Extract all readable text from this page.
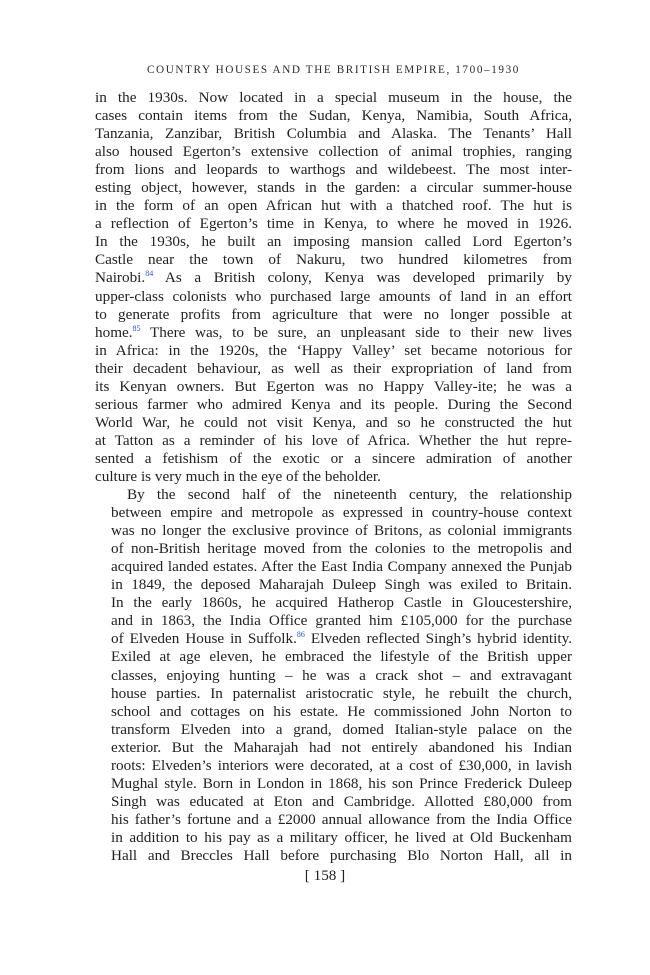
COUNTRY HOUSES AND THE BRITISH EMPIRE, 1700–1930
in the 1930s. Now located in a special museum in the house, the
cases contain items from the Sudan, Kenya, Namibia, South Africa,
Tanzania, Zanzibar, British Columbia and Alaska. The Tenants’ Hall
also housed Egerton’s extensive collection of animal trophies, ranging
from lions and leopards to warthogs and wildebeest. The most inter-
esting object, however, stands in the garden: a circular summer-house
in the form of an open African hut with a thatched roof. The hut is
a reflection of Egerton’s time in Kenya, to where he moved in 1926.
In the 1930s, he built an imposing mansion called Lord Egerton’s
Castle near the town of Nakuru, two hundred kilometres from
Nairobi.$^{84}$ As a British colony, Kenya was developed primarily by
upper-class colonists who purchased large amounts of land in an effort
to generate profits from agriculture that were no longer possible at
home.$^{85}$ There was, to be sure, an unpleasant side to their new lives
in Africa: in the 1920s, the ‘Happy Valley’ set became notorious for
their decadent behaviour, as well as their expropriation of land from
its Kenyan owners. But Egerton was no Happy Valley-ite; he was a
serious farmer who admired Kenya and its people. During the Second
World War, he could not visit Kenya, and so he constructed the hut
at Tatton as a reminder of his love of Africa. Whether the hut repre-
sented a fetishism of the exotic or a sincere admiration of another
culture is very much in the eye of the beholder.
By the second half of the nineteenth century, the relationship
between empire and metropole as expressed in country-house context
was no longer the exclusive province of Britons, as colonial immigrants
of non-British heritage moved from the colonies to the metropolis and
acquired landed estates. After the East India Company annexed the Punjab
in 1849, the deposed Maharajah Duleep Singh was exiled to Britain.
In the early 1860s, he acquired Hatherop Castle in Gloucestershire,
and in 1863, the India Office granted him £105,000 for the purchase
of Elveden House in Suffolk.$^{86}$ Elveden reflected Singh’s hybrid identity.
Exiled at age eleven, he embraced the lifestyle of the British upper
classes, enjoying hunting – he was a crack shot – and extravagant
house parties. In paternalist aristocratic style, he rebuilt the church,
school and cottages on his estate. He commissioned John Norton to
transform Elveden into a grand, domed Italian-style palace on the
exterior. But the Maharajah had not entirely abandoned his Indian
roots: Elveden’s interiors were decorated, at a cost of £30,000, in lavish
Mughal style. Born in London in 1868, his son Prince Frederick Duleep
Singh was educated at Eton and Cambridge. Allotted £80,000 from
his father’s fortune and a £2000 annual allowance from the India Office
in addition to his pay as a military officer, he lived at Old Buckenham
Hall and Breccles Hall before purchasing Blo Norton Hall, all in
[ 158 ]
